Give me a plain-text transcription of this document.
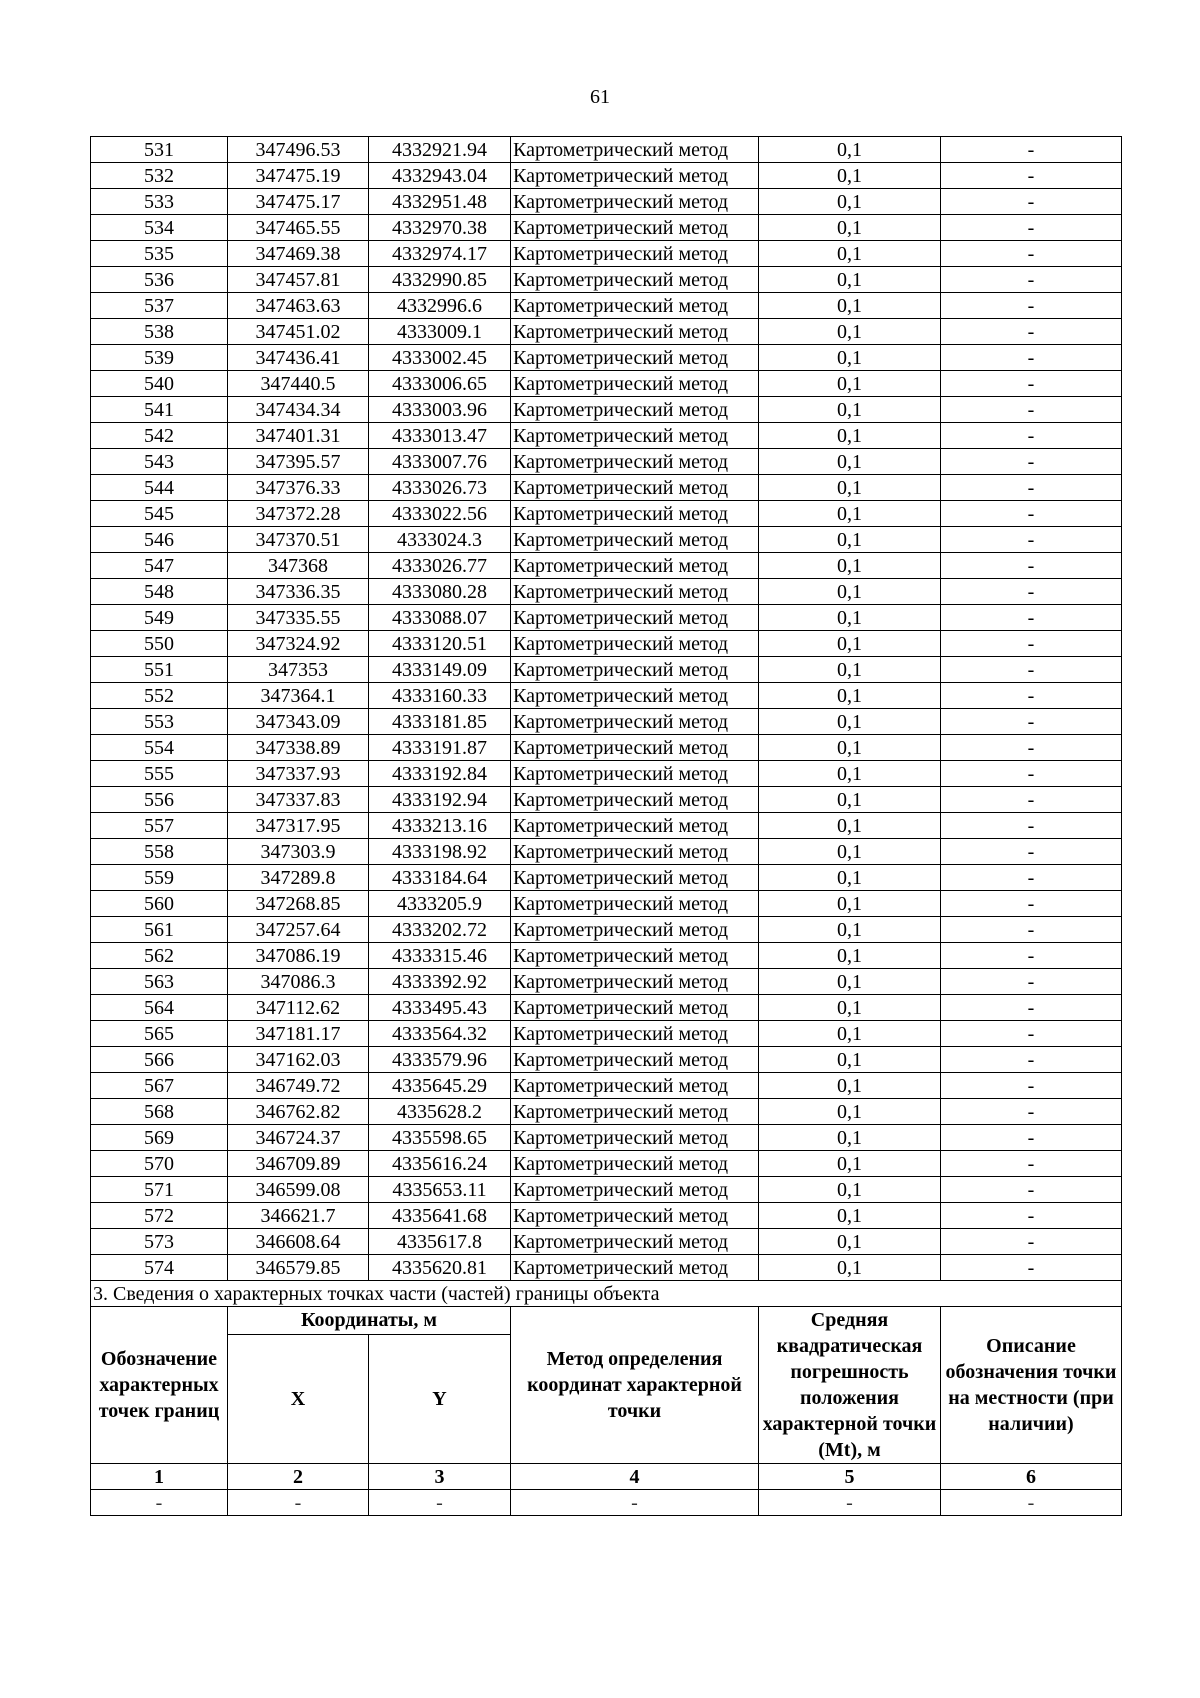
61
531	347496.53	4332921.94	Картометрический метод	0,1	-
532	347475.19	4332943.04	Картометрический метод	0,1	-
533	347475.17	4332951.48	Картометрический метод	0,1	-
534	347465.55	4332970.38	Картометрический метод	0,1	-
535	347469.38	4332974.17	Картометрический метод	0,1	-
536	347457.81	4332990.85	Картометрический метод	0,1	-
537	347463.63	4332996.6	Картометрический метод	0,1	-
538	347451.02	4333009.1	Картометрический метод	0,1	-
539	347436.41	4333002.45	Картометрический метод	0,1	-
540	347440.5	4333006.65	Картометрический метод	0,1	-
541	347434.34	4333003.96	Картометрический метод	0,1	-
542	347401.31	4333013.47	Картометрический метод	0,1	-
543	347395.57	4333007.76	Картометрический метод	0,1	-
544	347376.33	4333026.73	Картометрический метод	0,1	-
545	347372.28	4333022.56	Картометрический метод	0,1	-
546	347370.51	4333024.3	Картометрический метод	0,1	-
547	347368	4333026.77	Картометрический метод	0,1	-
548	347336.35	4333080.28	Картометрический метод	0,1	-
549	347335.55	4333088.07	Картометрический метод	0,1	-
550	347324.92	4333120.51	Картометрический метод	0,1	-
551	347353	4333149.09	Картометрический метод	0,1	-
552	347364.1	4333160.33	Картометрический метод	0,1	-
553	347343.09	4333181.85	Картометрический метод	0,1	-
554	347338.89	4333191.87	Картометрический метод	0,1	-
555	347337.93	4333192.84	Картометрический метод	0,1	-
556	347337.83	4333192.94	Картометрический метод	0,1	-
557	347317.95	4333213.16	Картометрический метод	0,1	-
558	347303.9	4333198.92	Картометрический метод	0,1	-
559	347289.8	4333184.64	Картометрический метод	0,1	-
560	347268.85	4333205.9	Картометрический метод	0,1	-
561	347257.64	4333202.72	Картометрический метод	0,1	-
562	347086.19	4333315.46	Картометрический метод	0,1	-
563	347086.3	4333392.92	Картометрический метод	0,1	-
564	347112.62	4333495.43	Картометрический метод	0,1	-
565	347181.17	4333564.32	Картометрический метод	0,1	-
566	347162.03	4333579.96	Картометрический метод	0,1	-
567	346749.72	4335645.29	Картометрический метод	0,1	-
568	346762.82	4335628.2	Картометрический метод	0,1	-
569	346724.37	4335598.65	Картометрический метод	0,1	-
570	346709.89	4335616.24	Картометрический метод	0,1	-
571	346599.08	4335653.11	Картометрический метод	0,1	-
572	346621.7	4335641.68	Картометрический метод	0,1	-
573	346608.64	4335617.8	Картометрический метод	0,1	-
574	346579.85	4335620.81	Картометрический метод	0,1	-
3. Сведения о характерных точках части (частей) границы объекта					
Обозначение характерных точек границ	Координаты, м		Метод определения координат характерной точки	Средняя квадратическая погрешность положения характерной точки (Mt), м	Описание обозначения точки на местности (при наличии)
	X	Y			
1	2	3	4	5	6
-	-	-	-	-	-
